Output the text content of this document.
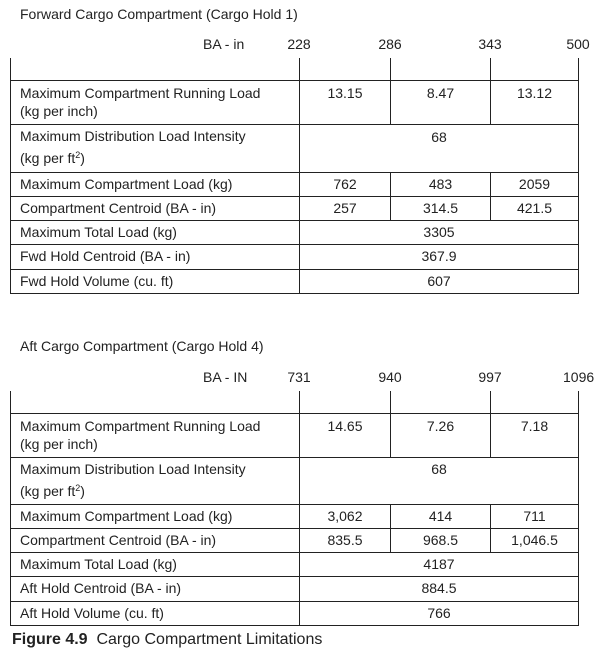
Forward Cargo Compartment (Cargo Hold 1)
BA - in	228	286	343	500
Maximum Compartment Running Load
(kg per inch)
13.15	8.47	13.12
Maximum Distribution Load Intensity
(kg per $ft^2$)
68
Maximum Compartment Load (kg)	762	483	2059
Compartment Centroid (BA - in)	257	314.5	421.5
Maximum Total Load (kg)	3305
Fwd Hold Centroid (BA - in)	367.9
Fwd Hold Volume (cu. ft)	607
Aft Cargo Compartment (Cargo Hold 4)
BA - IN	731	940	997	1096
Maximum Compartment Running Load
(kg per inch)
14.65	7.26	7.18
Maximum Distribution Load Intensity
(kg per $ft^2$)
68
Maximum Compartment Load (kg)	3,062	414	711
Compartment Centroid (BA - in)	835.5	968.5	1,046.5
Maximum Total Load (kg)	4187
Aft Hold Centroid (BA - in)	884.5
Aft Hold Volume (cu. ft)	766
Figure 4.9 Cargo Compartment Limitations
